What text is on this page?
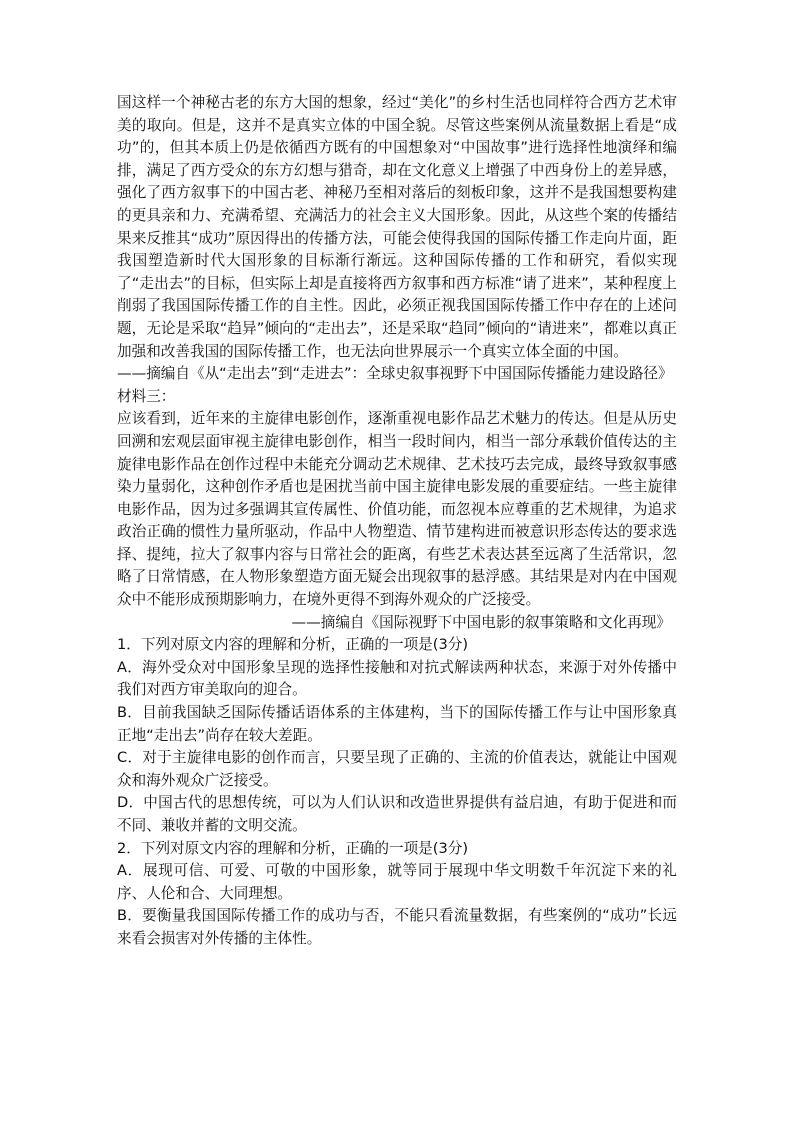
国这样一个神秘古老的东方大国的想象，经过“美化”的乡村生活也同样符合西方艺术审美的取向。但是，这并不是真实立体的中国全貌。尽管这些案例从流量数据上看是“成功”的，但其本质上仍是依循西方既有的中国想象对“中国故事”进行选择性地演绎和编排，满足了西方受众的东方幻想与猎奇，却在文化意义上增强了中西身份上的差异感，强化了西方叙事下的中国古老、神秘乃至相对落后的刻板印象，这并不是我国想要构建的更具亲和力、充满希望、充满活力的社会主义大国形象。因此，从这些个案的传播结果来反推其“成功”原因得出的传播方法，可能会使得我国的国际传播工作走向片面，距我国塑造新时代大国形象的目标渐行渐远。这种国际传播的工作和研究，看似实现了“走出去”的目标，但实际上却是直接将西方叙事和西方标准“请了进来”，某种程度上削弱了我国国际传播工作的自主性。因此，必须正视我国国际传播工作中存在的上述问题，无论是采取“趋异”倾向的“走出去”，还是采取“趋同”倾向的“请进来”，都难以真正加强和改善我国的国际传播工作，也无法向世界展示一个真实立体全面的中国。

——摘编自《从“走出去”到“走进去”：全球史叙事视野下中国国际传播能力建设路径》

材料三：

应该看到，近年来的主旋律电影创作，逐渐重视电影作品艺术魅力的传达。但是从历史回溯和宏观层面审视主旋律电影创作，相当一段时间内，相当一部分承载价值传达的主旋律电影作品在创作过程中未能充分调动艺术规律、艺术技巧去完成，最终导致叙事感染力量弱化，这种创作矛盾也是困扰当前中国主旋律电影发展的重要症结。一些主旋律电影作品，因为过多强调其宣传属性、价值功能，而忽视本应尊重的艺术规律，为追求政治正确的惯性力量所驱动，作品中人物塑造、情节建构进而被意识形态传达的要求选择、提纯，拉大了叙事内容与日常社会的距离，有些艺术表达甚至远离了生活常识，忽略了日常情感，在人物形象塑造方面无疑会出现叙事的悬浮感。其结果是对内在中国观众中不能形成预期影响力，在境外更得不到海外观众的广泛接受。

——摘编自《国际视野下中国电影的叙事策略和文化再现》

1．下列对原文内容的理解和分析，正确的一项是(3分)

A．海外受众对中国形象呈现的选择性接触和对抗式解读两种状态，来源于对外传播中我们对西方审美取向的迎合。

B．目前我国缺乏国际传播话语体系的主体建构，当下的国际传播工作与让中国形象真正地“走出去”尚存在较大差距。

C．对于主旋律电影的创作而言，只要呈现了正确的、主流的价值表达，就能让中国观众和海外观众广泛接受。

D．中国古代的思想传统，可以为人们认识和改造世界提供有益启迪，有助于促进和而不同、兼收并蓄的文明交流。

2．下列对原文内容的理解和分析，正确的一项是(3分)

A．展现可信、可爱、可敬的中国形象，就等同于展现中华文明数千年沉淀下来的礼序、人伦和合、大同理想。

B．要衡量我国国际传播工作的成功与否，不能只看流量数据，有些案例的“成功”长远来看会损害对外传播的主体性。
